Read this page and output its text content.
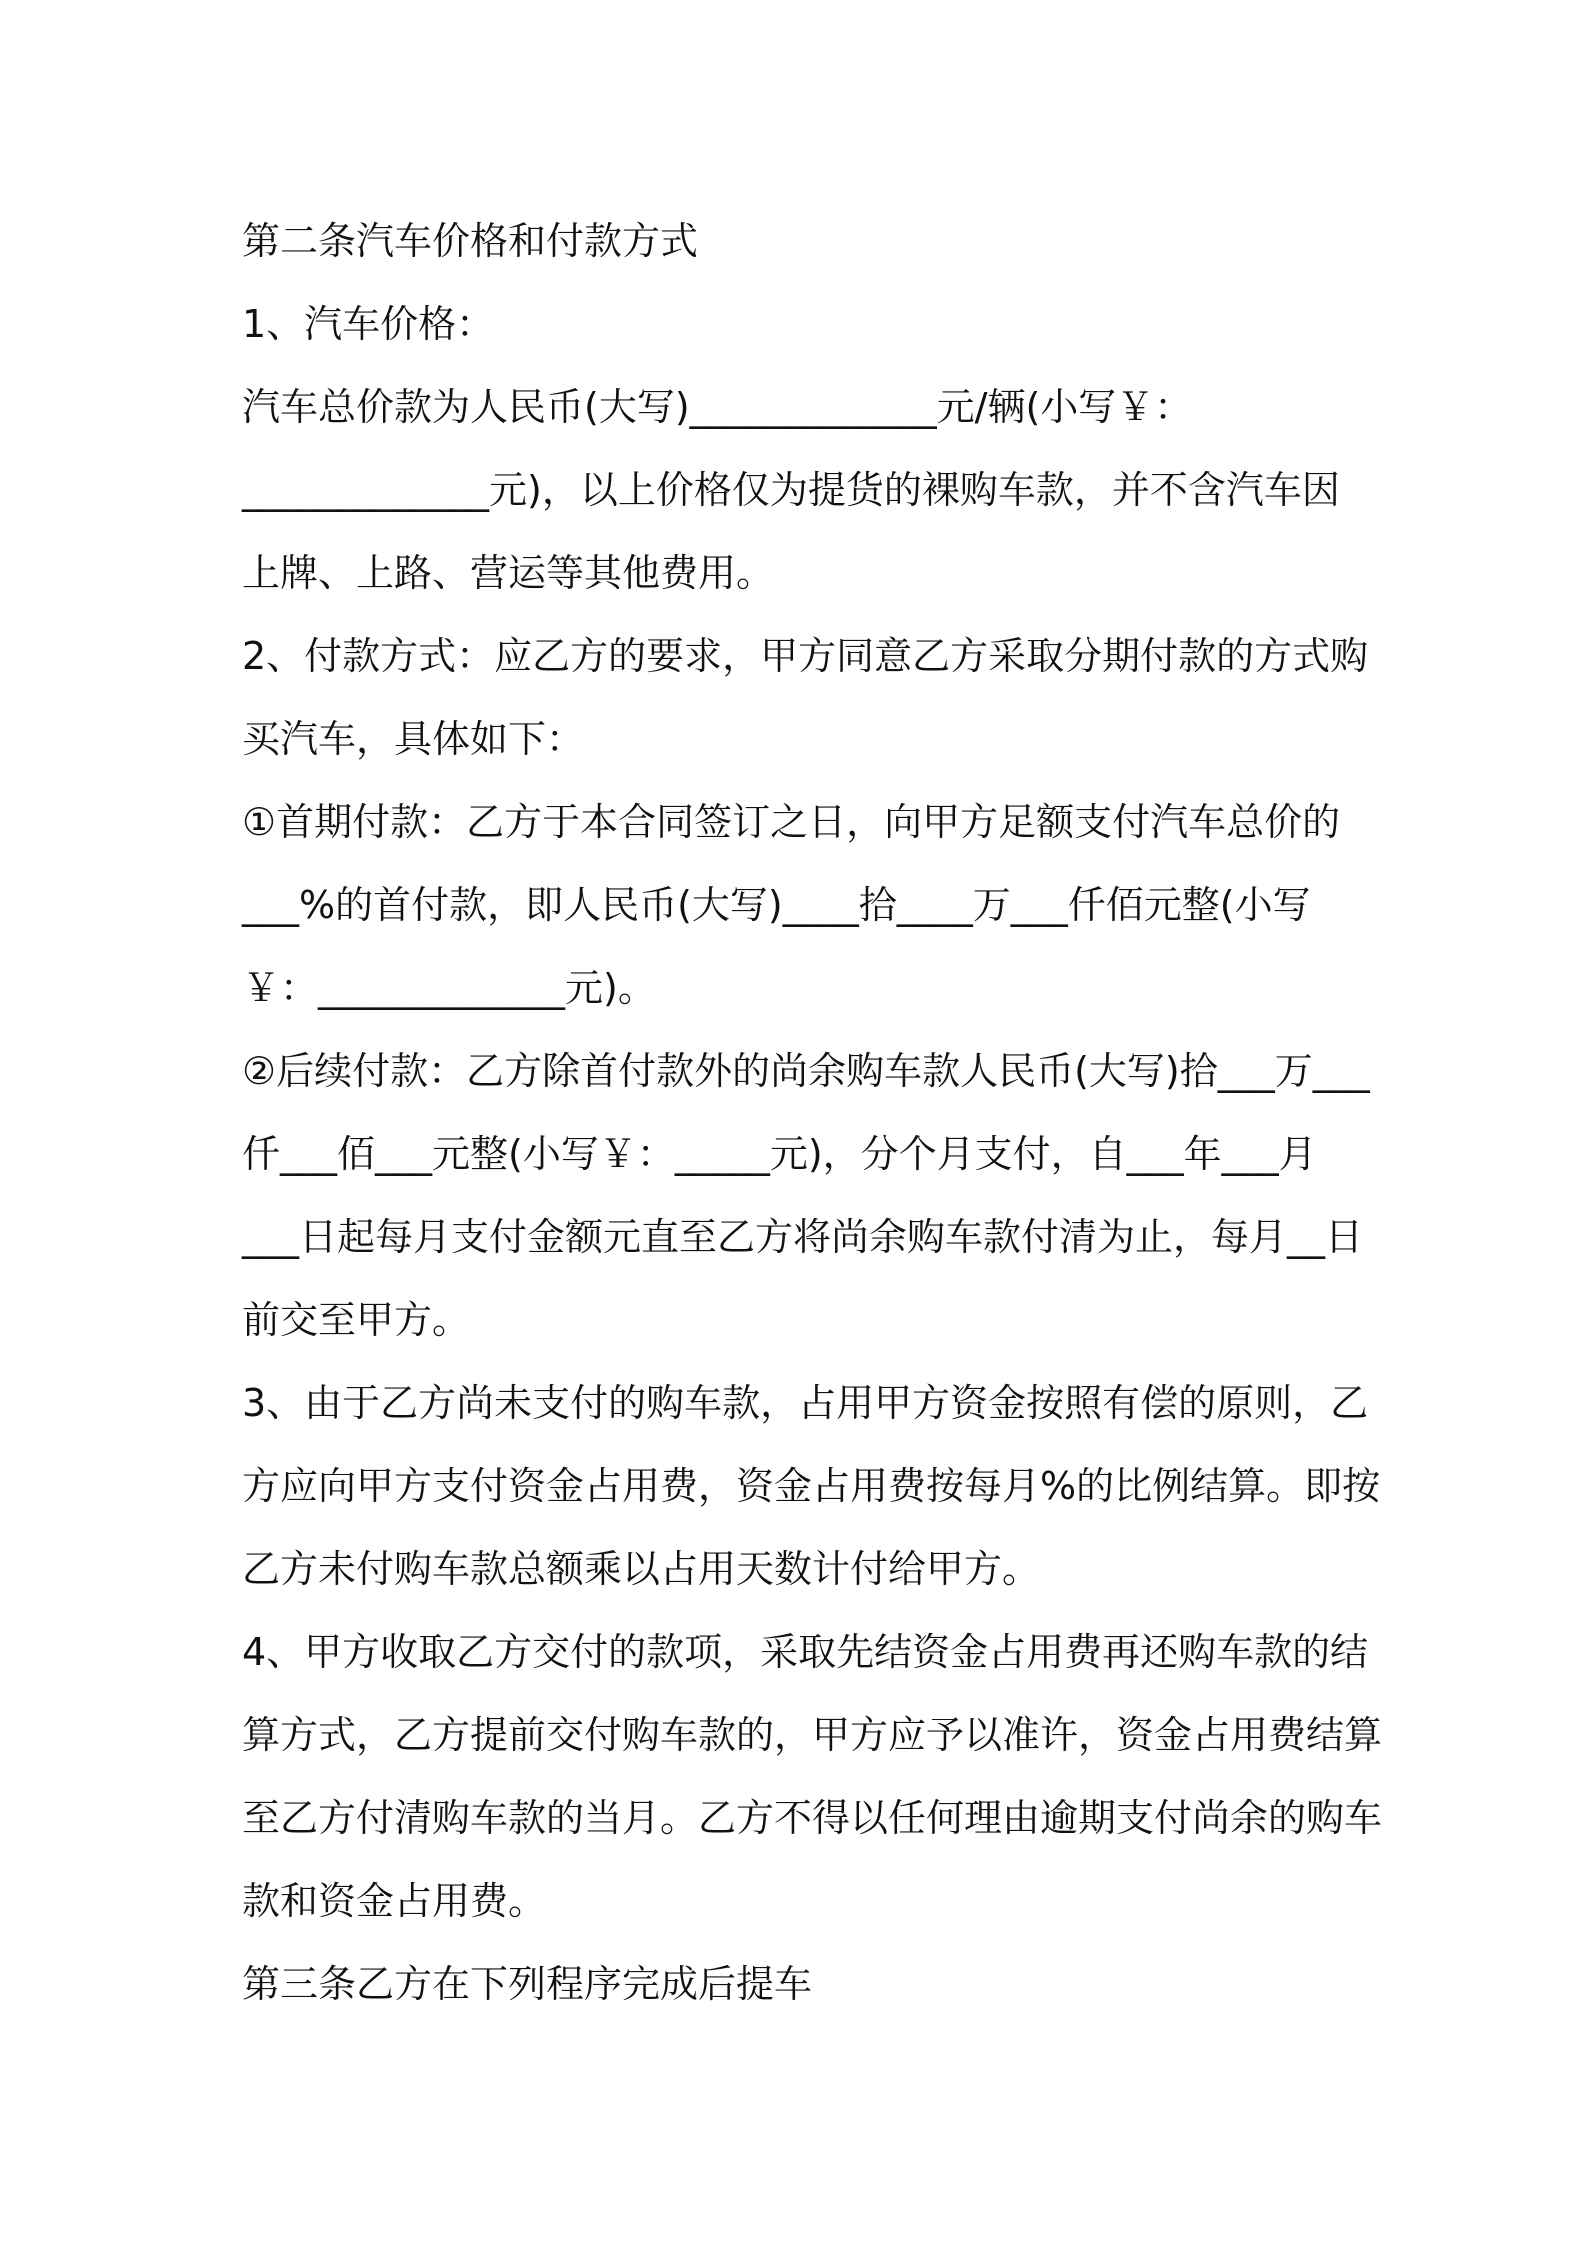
第二条汽车价格和付款方式
1、汽车价格：
汽车总价款为人民币(大写)_____________元/辆(小写￥：
_____________元)，以上价格仅为提货的裸购车款，并不含汽车因
上牌、上路、营运等其他费用。
2、付款方式：应乙方的要求，甲方同意乙方采取分期付款的方式购
买汽车，具体如下：
①首期付款：乙方于本合同签订之日，向甲方足额支付汽车总价的
___%的首付款，即人民币(大写)____拾____万___仟佰元整(小写
￥：_____________元)。
②后续付款：乙方除首付款外的尚余购车款人民币(大写)拾___万___
仟___佰___元整(小写￥：_____元)，分个月支付，自___年___月
___日起每月支付金额元直至乙方将尚余购车款付清为止，每月__日
前交至甲方。
3、由于乙方尚未支付的购车款，占用甲方资金按照有偿的原则，乙
方应向甲方支付资金占用费，资金占用费按每月%的比例结算。即按
乙方未付购车款总额乘以占用天数计付给甲方。
4、甲方收取乙方交付的款项，采取先结资金占用费再还购车款的结
算方式，乙方提前交付购车款的，甲方应予以准许，资金占用费结算
至乙方付清购车款的当月。乙方不得以任何理由逾期支付尚余的购车
款和资金占用费。
第三条乙方在下列程序完成后提车
